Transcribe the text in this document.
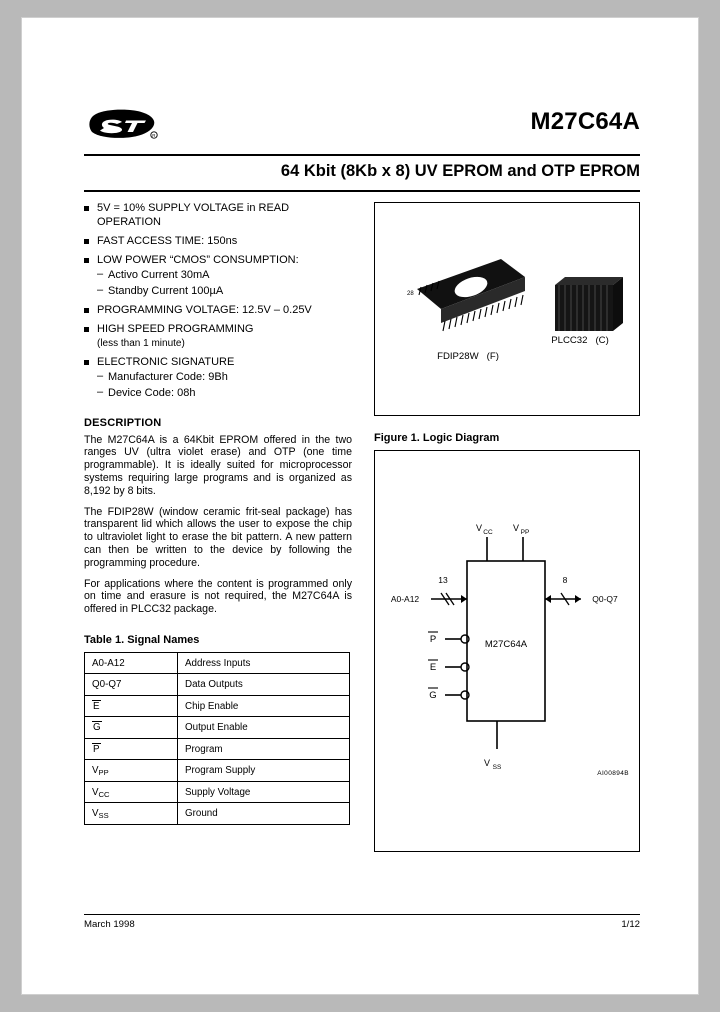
R
M27C64A
64 Kbit (8Kb x 8) UV EPROM and OTP EPROM
5V = 10% SUPPLY VOLTAGE in READ OPERATION
FAST ACCESS TIME: 150ns
LOW POWER “CMOS” CONSUMPTION:
– Activo Current 30mA
– Standby Current 100µA
PROGRAMMING VOLTAGE: 12.5V – 0.25V
HIGH SPEED PROGRAMMING
(less than 1 minute)
ELECTRONIC SIGNATURE
– Manufacturer Code: 9Bh
– Device Code: 08h
DESCRIPTION

The M27C64A is a 64Kbit EPROM offered in the two ranges UV (ultra violet erase) and OTP (one time programmable). It is ideally suited for microprocessor systems requiring large programs and is organized as 8,192 by 8 bits.

The FDIP28W (window ceramic frit-seal package) has transparent lid which allows the user to expose the chip to ultraviolet light to erase the bit pattern. A new pattern can then be written to the device by following the programming procedure.

For applications where the content is programmed only on time and erasure is not required, the M27C64A is offered in PLCC32 package.

Table 1. Signal Names
A0-A12	Address Inputs
Q0-Q7	Data Outputs
E	Chip Enable
G	Output Enable
P	Program
$V_{PP}$	Program Supply
$V_{CC}$	Supply Voltage
$V_{SS}$	Ground
28
FDIP28W (F)
PLCC32 (C)
Figure 1. Logic Diagram
M27C64A
V CC V PP
V SS
13
A0-A12
8
Q0-Q7
P
E
G
AI00894B
March 1998	1/12
